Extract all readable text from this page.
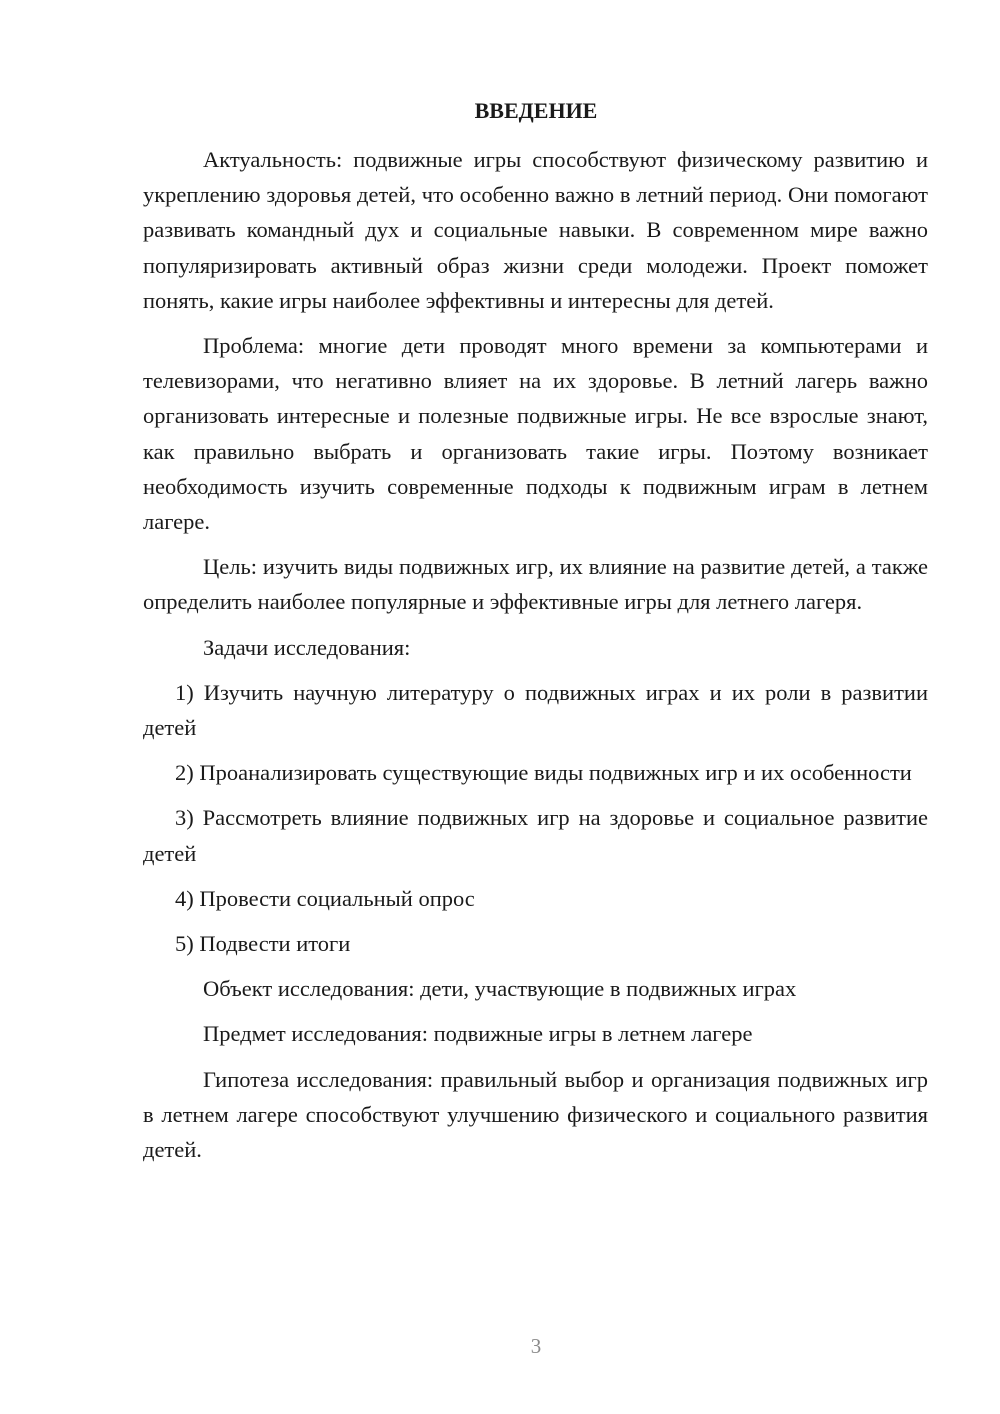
ВВЕДЕНИЕ

Актуальность: подвижные игры способствуют физическому развитию и укреплению здоровья детей, что особенно важно в летний период. Они помогают развивать командный дух и социальные навыки. В современном мире важно популяризировать активный образ жизни среди молодежи. Проект поможет понять, какие игры наиболее эффективны и интересны для детей.

Проблема: многие дети проводят много времени за компьютерами и телевизорами, что негативно влияет на их здоровье. В летний лагерь важно организовать интересные и полезные подвижные игры. Не все взрослые знают, как правильно выбрать и организовать такие игры. Поэтому возникает необходимость изучить современные подходы к подвижным играм в летнем лагере.

Цель: изучить виды подвижных игр, их влияние на развитие детей, а также определить наиболее популярные и эффективные игры для летнего лагеря.

Задачи исследования:

1) Изучить научную литературу о подвижных играх и их роли в развитии детей

2) Проанализировать существующие виды подвижных игр и их особенности

3) Рассмотреть влияние подвижных игр на здоровье и социальное развитие детей

4) Провести социальный опрос

5) Подвести итоги

Объект исследования: дети, участвующие в подвижных играх

Предмет исследования: подвижные игры в летнем лагере

Гипотеза исследования: правильный выбор и организация подвижных игр в летнем лагере способствуют улучшению физического и социального развития детей.

3
